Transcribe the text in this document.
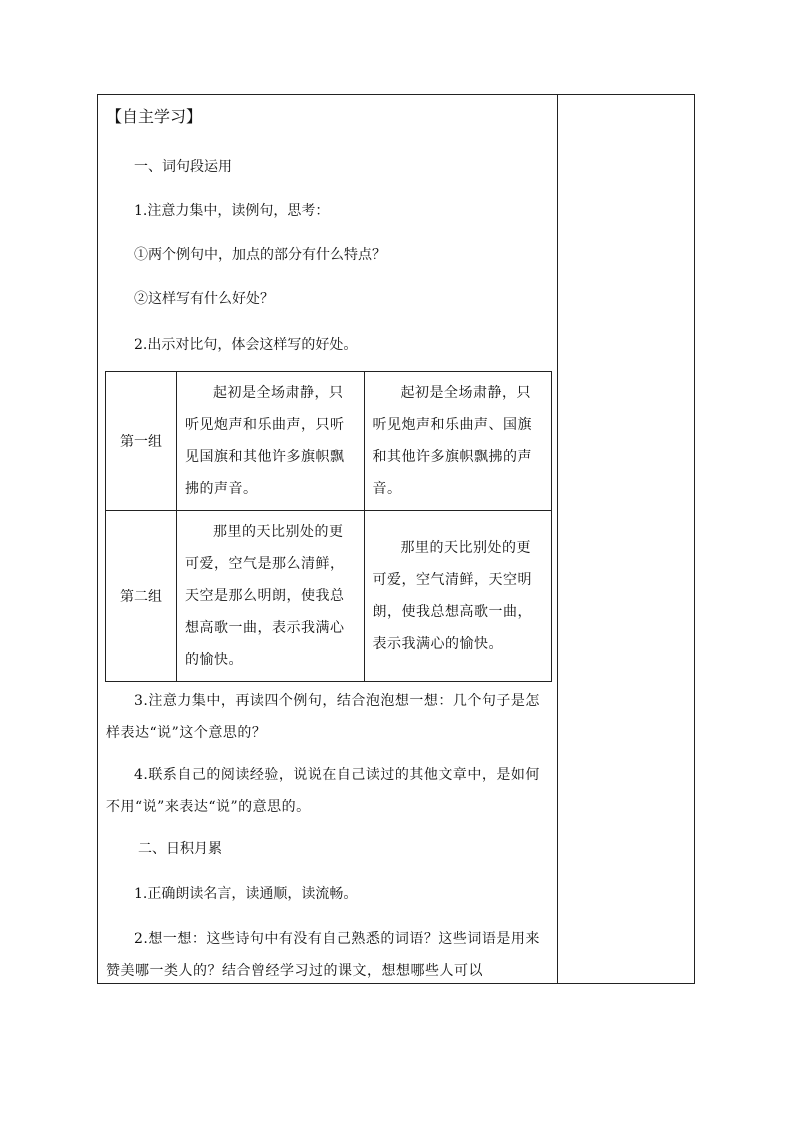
【自主学习】
一、词句段运用
1.注意力集中，读例句，思考：
①两个例句中，加点的部分有什么特点？
②这样写有什么好处？
2.出示对比句，体会这样写的好处。
第一组	起初是全场肃静，只听见炮声和乐曲声，只听见国旗和其他许多旗帜飘拂的声音。	起初是全场肃静，只听见炮声和乐曲声、国旗和其他许多旗帜飘拂的声音。

第二组	那里的天比别处的更可爱，空气是那么清鲜，天空是那么明朗，使我总想高歌一曲，表示我满心的愉快。	那里的天比别处的更可爱，空气清鲜，天空明朗，使我总想高歌一曲，表示我满心的愉快。
3.注意力集中，再读四个例句，结合泡泡想一想：几个句子是怎样表达“说”这个意思的？
4.联系自己的阅读经验，说说在自己读过的其他文章中，是如何不用“说”来表达“说”的意思的。
二、日积月累
1.正确朗读名言，读通顺，读流畅。
2.想一想：这些诗句中有没有自己熟悉的词语？这些词语是用来赞美哪一类人的？结合曾经学习过的课文，想想哪些人可以
